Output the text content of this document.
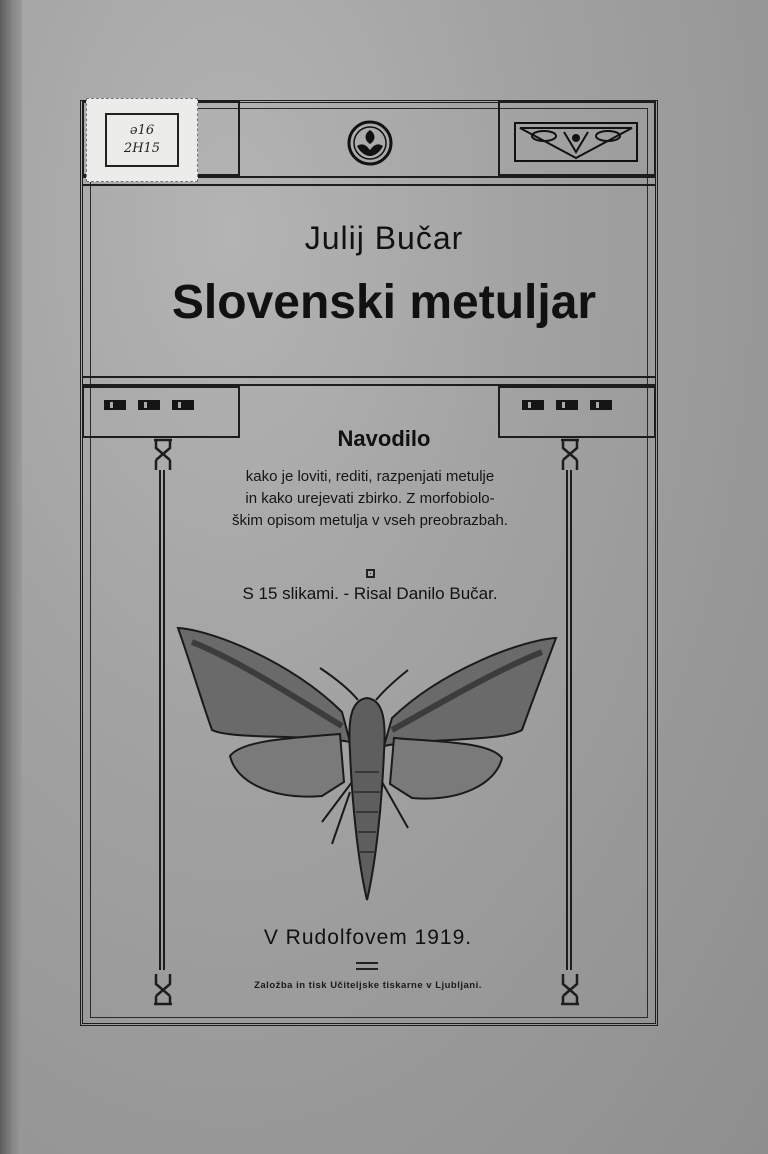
ə16
2H15
Julij Bučar
Slovenski metuljar
Navodilo
kako je loviti, rediti, razpenjati metulje
in kako urejevati zbirko. Z morfobiolo-
škim opisom metulja v vseh preobrazbah.
S 15 slikami. - Risal Danilo Bučar.
V Rudolfovem 1919.
Založba in tisk Učiteljske tiskarne v Ljubljani.
